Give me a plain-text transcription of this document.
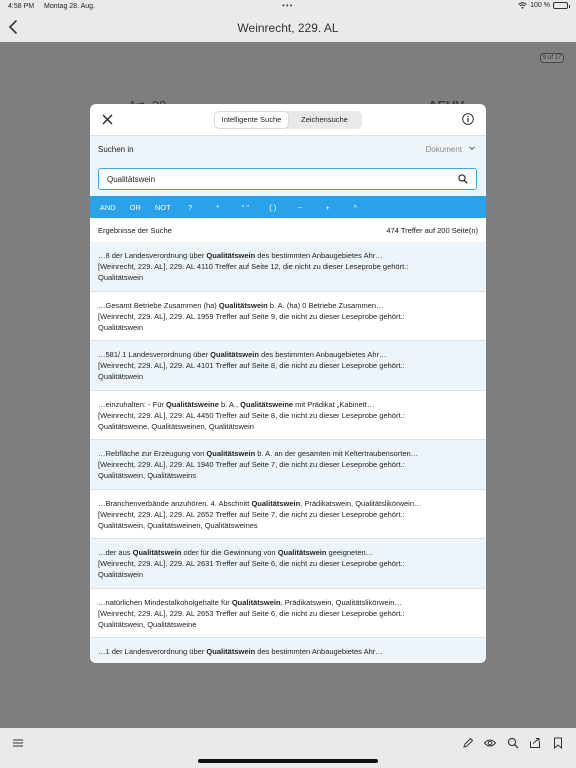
4:58 PM Montag 28. Aug.	•••	100 %
Weinrecht, 229. AL
9 of 17
Intelligente Suche	Zeichensuche
Suchen in	Dokument
Qualitätswein
AND	OR	NOT	?	*	" "	( )	~	+	^
Ergebnisse der Suche	474 Treffer auf 200 Seite(n)
…8 der Landesverordnung über Qualitätswein des bestimmten Anbaugebietes Ahr…
[Weinrecht, 229. AL], 229. AL 4110 Treffer auf Seite 12, die nicht zu dieser Leseprobe gehört.:
Qualitätswein
…Gesamt Betriebe Zusammen (ha) Qualitätswein b. A. (ha) 0 Betriebe Zusammen…
[Weinrecht, 229. AL], 229. AL 1959 Treffer auf Seite 9, die nicht zu dieser Leseprobe gehört.:
Qualitätswein
…581/ 1 Landesverordnung über Qualitätswein des bestimmten Anbaugebietes Ahr…
[Weinrecht, 229. AL], 229. AL 4101 Treffer auf Seite 8, die nicht zu dieser Leseprobe gehört.:
Qualitätswein
…einzuhalten: - Für Qualitätsweine b. A., Qualitätsweine mit Prädikat „Kabinett…
[Weinrecht, 229. AL], 229. AL 4450 Treffer auf Seite 8, die nicht zu dieser Leseprobe gehört.:
Qualitätsweine, Qualitätsweinen, Qualitätswein
…Rebfläche zur Erzeugung von Qualitätswein b. A. an der gesamten mit Keltertraubensorten…
[Weinrecht, 229. AL], 229. AL 1940 Treffer auf Seite 7, die nicht zu dieser Leseprobe gehört.:
Qualitätswein, Qualitätsweins
…Branchenverbände anzuhören. 4. Abschnitt Qualitätswein, Prädikatswein, Qualitätslikörwein…
[Weinrecht, 229. AL], 229. AL 2652 Treffer auf Seite 7, die nicht zu dieser Leseprobe gehört.:
Qualitätswein, Qualitätsweinen, Qualitätsweines
…der aus Qualitätswein oder für die Gewinnung von Qualitätswein geeigneten…
[Weinrecht, 229. AL], 229. AL 2631 Treffer auf Seite 6, die nicht zu dieser Leseprobe gehört.:
Qualitätswein
…natürlichen Mindestalkoholgehalte für Qualitätswein, Prädikatswein, Qualitätslikörwein…
[Weinrecht, 229. AL], 229. AL 2653 Treffer auf Seite 6, die nicht zu dieser Leseprobe gehört.:
Qualitätswein, Qualitätsweine
…1 der Landesverordnung über Qualitätswein des bestimmten Anbaugebietes Ahr…
